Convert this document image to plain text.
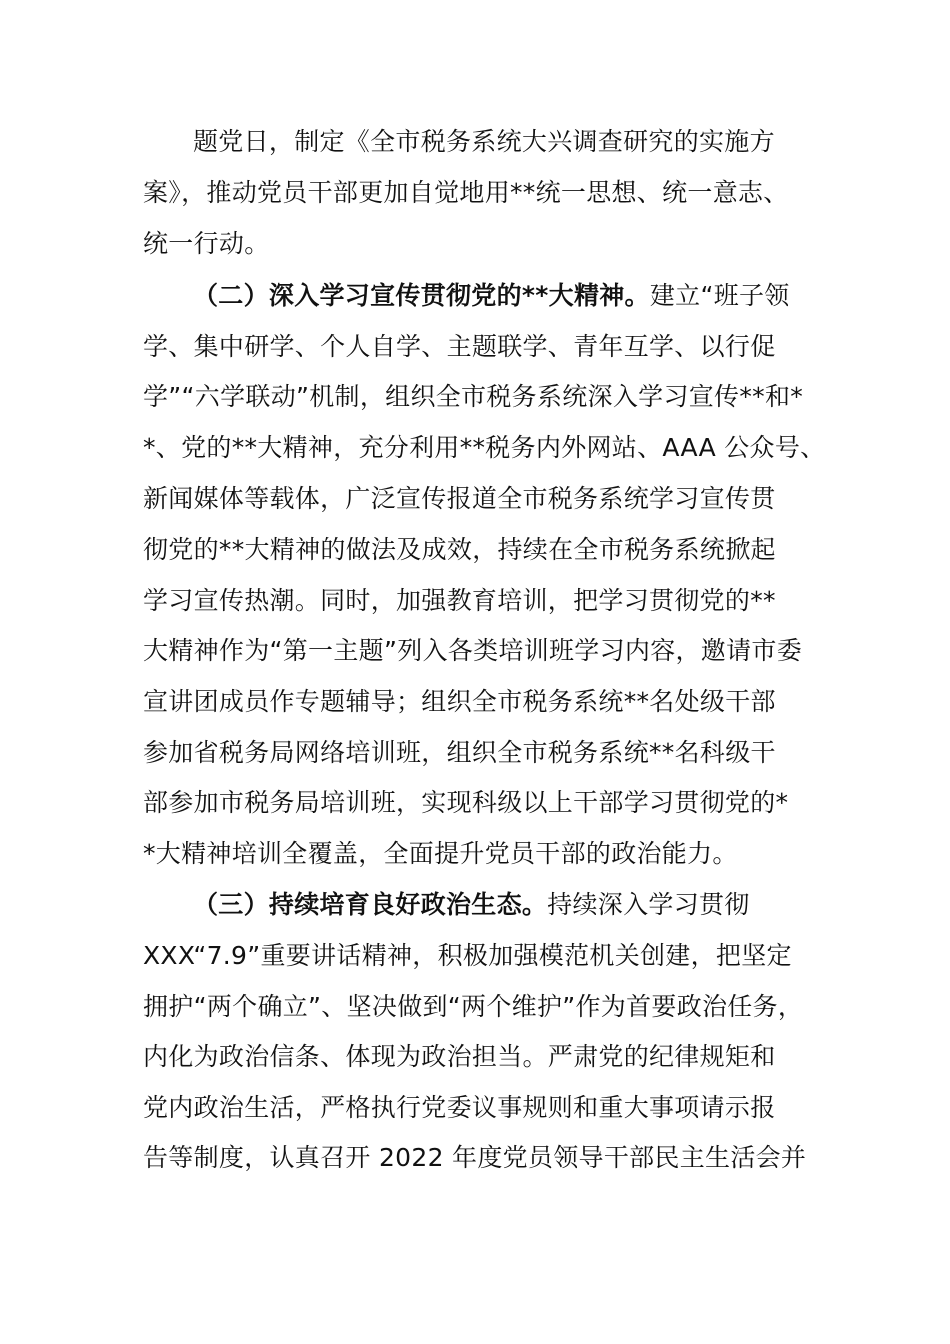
题党日，制定《全市税务系统大兴调查研究的实施方
案》，推动党员干部更加自觉地用**统一思想、统一意志、
统一行动。
（二）深入学习宣传贯彻党的**大精神。建立“班子领
学、集中研学、个人自学、主题联学、青年互学、以行促
学”“六学联动”机制，组织全市税务系统深入学习宣传**和*
*、党的**大精神，充分利用**税务内外网站、AAA 公众号、
新闻媒体等载体，广泛宣传报道全市税务系统学习宣传贯
彻党的**大精神的做法及成效，持续在全市税务系统掀起
学习宣传热潮。同时，加强教育培训，把学习贯彻党的**
大精神作为“第一主题”列入各类培训班学习内容，邀请市委
宣讲团成员作专题辅导；组织全市税务系统**名处级干部
参加省税务局网络培训班，组织全市税务系统**名科级干
部参加市税务局培训班，实现科级以上干部学习贯彻党的*
*大精神培训全覆盖，全面提升党员干部的政治能力。
（三）持续培育良好政治生态。持续深入学习贯彻
XXX“7.9”重要讲话精神，积极加强模范机关创建，把坚定
拥护“两个确立”、坚决做到“两个维护”作为首要政治任务，
内化为政治信条、体现为政治担当。严肃党的纪律规矩和
党内政治生活，严格执行党委议事规则和重大事项请示报
告等制度，认真召开 2022 年度党员领导干部民主生活会并
